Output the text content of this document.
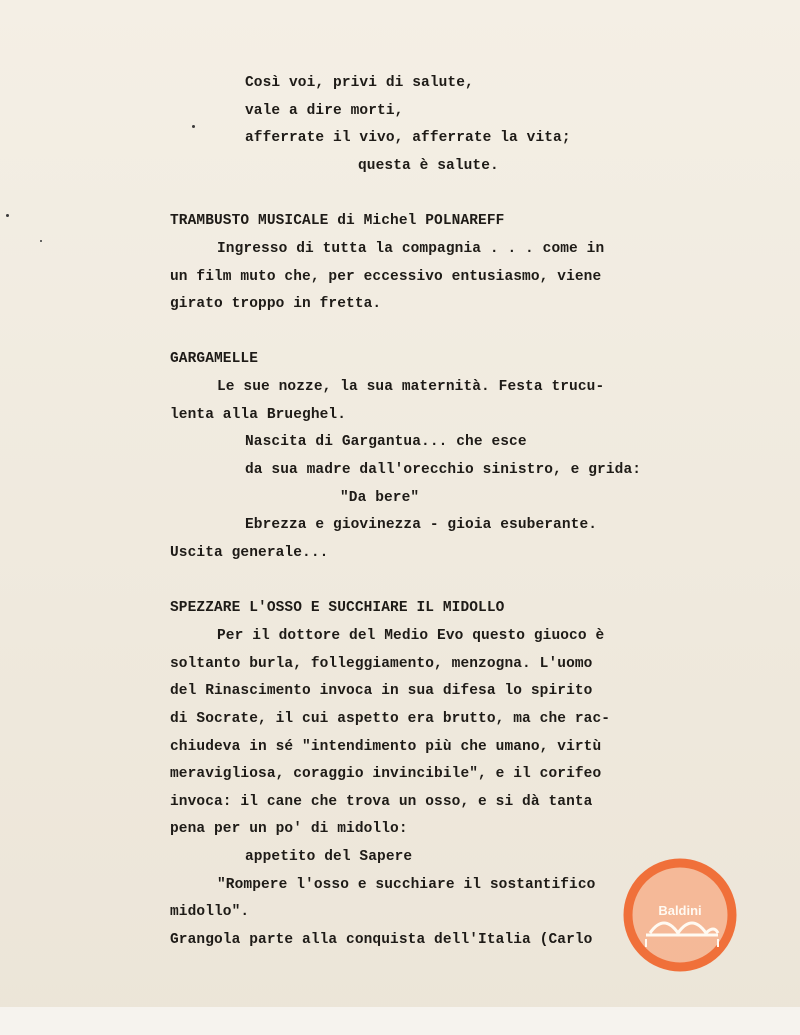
Così voi, privi di salute,
vale a dire morti,
afferrate il vivo, afferrate la vita;
questa è salute.
TRAMBUSTO MUSICALE di Michel POLNAREFF
Ingresso di tutta la compagnia . . . come in
un film muto che, per eccessivo entusiasmo, viene
girato troppo in fretta.
GARGAMELLE
Le sue nozze, la sua maternità. Festa trucu-
lenta alla Brueghel.
Nascita di Gargantua... che esce
da sua madre dall'orecchio sinistro, e grida:
"Da bere"
Ebrezza e giovinezza - gioia esuberante.
Uscita generale...
SPEZZARE L'OSSO E SUCCHIARE IL MIDOLLO
Per il dottore del Medio Evo questo giuoco è
soltanto burla, folleggiamento, menzogna. L'uomo
del Rinascimento invoca in sua difesa lo spirito
di Socrate, il cui aspetto era brutto, ma che rac-
chiudeva in sé "intendimento più che umano, virtù
meravigliosa, coraggio invincibile", e il corifeo
invoca: il cane che trova un osso, e si dà tanta
pena per un po' di midollo:
appetito del Sapere
"Rompere l'osso e succhiare il sostantifico
midollo".
Grangola parte alla conquista dell'Italia (Carlo
Baldini
